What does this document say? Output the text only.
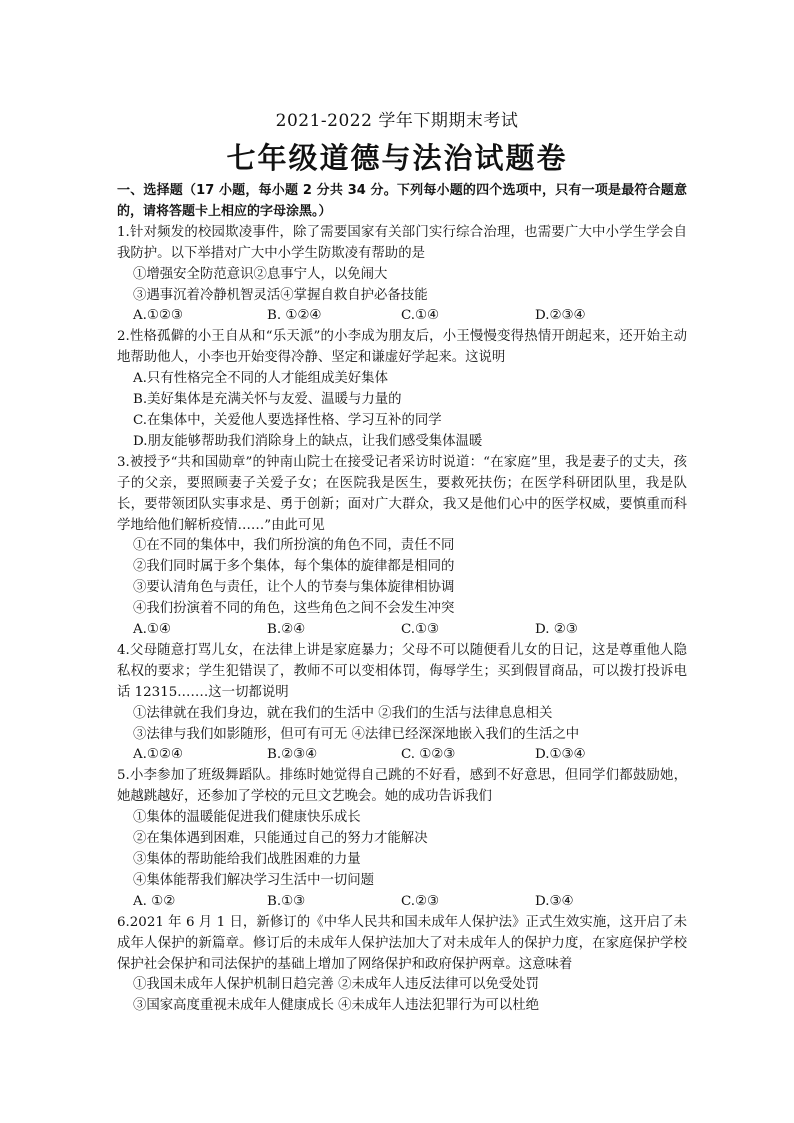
2021-2022 学年下期期末考试
七年级道德与法治试题卷

一、选择题（17 小题，每小题 2 分共 34 分。下列每小题的四个选项中，只有一项是最符合题意的，请将答题卡上相应的字母涂黑。）

1.针对频发的校园欺凌事件，除了需要国家有关部门实行综合治理，也需要广大中小学生学会自我防护。以下举措对广大中小学生防欺凌有帮助的是

①增强安全防范意识②息事宁人，以免闹大

③遇事沉着冷静机智灵活④掌握自救自护必备技能

A.①②③	B. ①②④	C.①④	D.②③④

2.性格孤僻的小王自从和“乐天派”的小李成为朋友后，小王慢慢变得热情开朗起来，还开始主动地帮助他人，小李也开始变得冷静、坚定和谦虚好学起来。这说明

A.只有性格完全不同的人才能组成美好集体

B.美好集体是充满关怀与友爱、温暖与力量的

C.在集体中，关爱他人要选择性格、学习互补的同学

D.朋友能够帮助我们消除身上的缺点，让我们感受集体温暖

3.被授予“共和国勋章”的钟南山院士在接受记者采访时说道：“在家庭”里，我是妻子的丈夫，孩子的父亲，要照顾妻子关爱子女；在医院我是医生，要救死扶伤；在医学科研团队里，我是队长，要带领团队实事求是、勇于创新；面对广大群众，我又是他们心中的医学权威，要慎重而科学地给他们解析疫情……”由此可见

①在不同的集体中，我们所扮演的角色不同，责任不同

②我们同时属于多个集体，每个集体的旋律都是相同的

③要认清角色与责任，让个人的节奏与集体旋律相协调

④我们扮演着不同的角色，这些角色之间不会发生冲突

A.①④	B.②④	C.①③	D. ②③

4.父母随意打骂儿女，在法律上讲是家庭暴力；父母不可以随便看儿女的日记，这是尊重他人隐私权的要求；学生犯错误了，教师不可以变相体罚，侮辱学生；买到假冒商品，可以拨打投诉电话 12315.……这一切都说明

①法律就在我们身边，就在我们的生活中 ②我们的生活与法律息息相关

③法律与我们如影随形，但可有可无 ④法律已经深深地嵌入我们的生活之中

A.①②④	B.②③④	C. ①②③	D.①③④

5.小李参加了班级舞蹈队。排练时她觉得自己跳的不好看，感到不好意思，但同学们都鼓励她，她越跳越好，还参加了学校的元旦文艺晚会。她的成功告诉我们

①集体的温暖能促进我们健康快乐成长

②在集体遇到困难，只能通过自己的努力才能解决

③集体的帮助能给我们战胜困难的力量

④集体能帮我们解决学习生活中一切问题

A. ①②	B.①③	C.②③	D.③④

6.2021 年 6 月 1 日，新修订的《中华人民共和国未成年人保护法》正式生效实施，这开启了未成年人保护的新篇章。修订后的未成年人保护法加大了对未成年人的保护力度，在家庭保护学校保护社会保护和司法保护的基础上增加了网络保护和政府保护两章。这意味着

①我国未成年人保护机制日趋完善 ②未成年人违反法律可以免受处罚

③国家高度重视未成年人健康成长 ④未成年人违法犯罪行为可以杜绝
